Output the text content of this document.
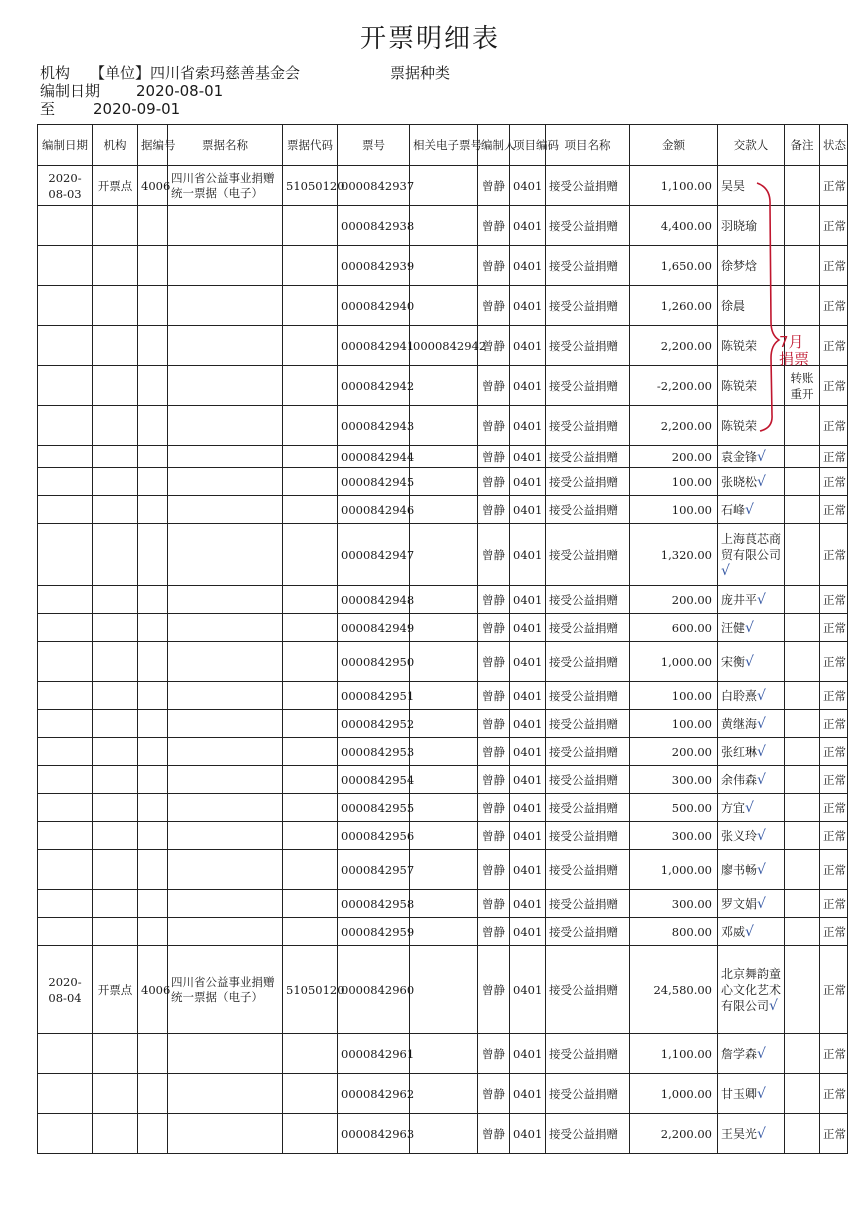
开票明细表
机构 【单位】四川省索玛慈善基金会	票据种类
编制日期 2020-08-01
至	2020-09-01
编制日期	机构	据编号	票据名称	票据代码	票号	相关电子票号	编制人	项目编码	项目名称	金额	交款人	备注	状态
2020-08-03	开票点	4006	四川省公益事业捐赠统一票据（电子）	51050120	0000842937		曾静	0401	接受公益捐赠	1,100.00	吴昊		正常
					0000842938		曾静	0401	接受公益捐赠	4,400.00	羽晓瑜		正常
					0000842939		曾静	0401	接受公益捐赠	1,650.00	徐梦焓		正常
					0000842940		曾静	0401	接受公益捐赠	1,260.00	徐晨		正常
					0000842941	0000842942	曾静	0401	接受公益捐赠	2,200.00	陈锐荣		正常
					0000842942		曾静	0401	接受公益捐赠	-2,200.00	陈锐荣	转账重开	正常
					0000842943		曾静	0401	接受公益捐赠	2,200.00	陈锐荣		正常
					0000842944		曾静	0401	接受公益捐赠	200.00	袁金锋√		正常
					0000842945		曾静	0401	接受公益捐赠	100.00	张晓松√		正常
					0000842946		曾静	0401	接受公益捐赠	100.00	石峰√		正常
					0000842947		曾静	0401	接受公益捐赠	1,320.00	上海茛芯商贸有限公司√		正常
					0000842948		曾静	0401	接受公益捐赠	200.00	庞井平√		正常
					0000842949		曾静	0401	接受公益捐赠	600.00	汪健√		正常
					0000842950		曾静	0401	接受公益捐赠	1,000.00	宋衡√		正常
					0000842951		曾静	0401	接受公益捐赠	100.00	白聆熹√		正常
					0000842952		曾静	0401	接受公益捐赠	100.00	黄继海√		正常
					0000842953		曾静	0401	接受公益捐赠	200.00	张红琳√		正常
					0000842954		曾静	0401	接受公益捐赠	300.00	余伟森√		正常
					0000842955		曾静	0401	接受公益捐赠	500.00	方宜√		正常
					0000842956		曾静	0401	接受公益捐赠	300.00	张义玲√		正常
					0000842957		曾静	0401	接受公益捐赠	1,000.00	廖书畅√		正常
					0000842958		曾静	0401	接受公益捐赠	300.00	罗文娟√		正常
					0000842959		曾静	0401	接受公益捐赠	800.00	邓威√		正常
2020-08-04	开票点	4006	四川省公益事业捐赠统一票据（电子）	51050120	0000842960		曾静	0401	接受公益捐赠	24,580.00	北京舞韵童心文化艺术有限公司√		正常
					0000842961		曾静	0401	接受公益捐赠	1,100.00	詹学森√		正常
					0000842962		曾静	0401	接受公益捐赠	1,000.00	甘玉卿√		正常
					0000842963		曾静	0401	接受公益捐赠	2,200.00	王昊光√		正常
7月捐票
